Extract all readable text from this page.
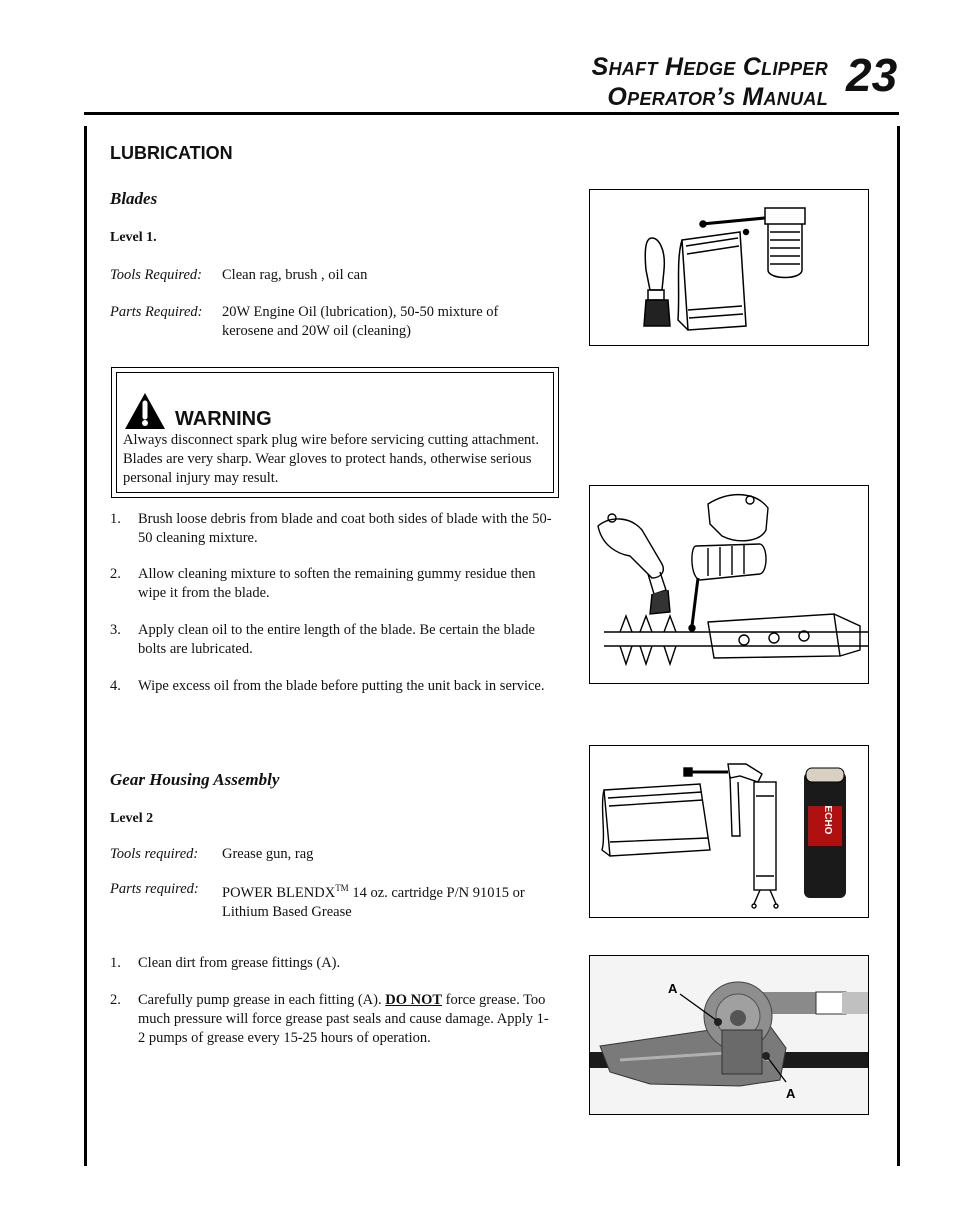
Shaft Hedge Clipper
Operator’s Manual 23
LUBRICATION
Blades
Level 1.
Tools Required: Clean rag, brush , oil can
Parts Required: 20W Engine Oil (lubrication), 50-50 mixture of kerosene and 20W oil (cleaning)
WARNING
Always disconnect spark plug wire before servicing cutting attachment. Blades are very sharp. Wear gloves to protect hands, otherwise serious personal injury may result.
1. Brush loose debris from blade and coat both sides of blade with the 50-50 cleaning mixture.
2. Allow cleaning mixture to soften the remaining gummy residue then wipe it from the blade.
3. Apply clean oil to the entire length of the blade. Be certain the blade bolts are lubricated.
4. Wipe excess oil from the blade before putting the unit back in service.
Gear Housing Assembly
Level 2
Tools required: Grease gun, rag
Parts required: POWER BLENDX™ 14 oz. cartridge P/N 91015 or Lithium Based Grease
1. Clean dirt from grease fittings (A).
2. Carefully pump grease in each fitting (A). DO NOT force grease. Too much pressure will force grease past seals and cause damage. Apply 1-2 pumps of grease every 15-25 hours of operation.
ECHO
A
A
